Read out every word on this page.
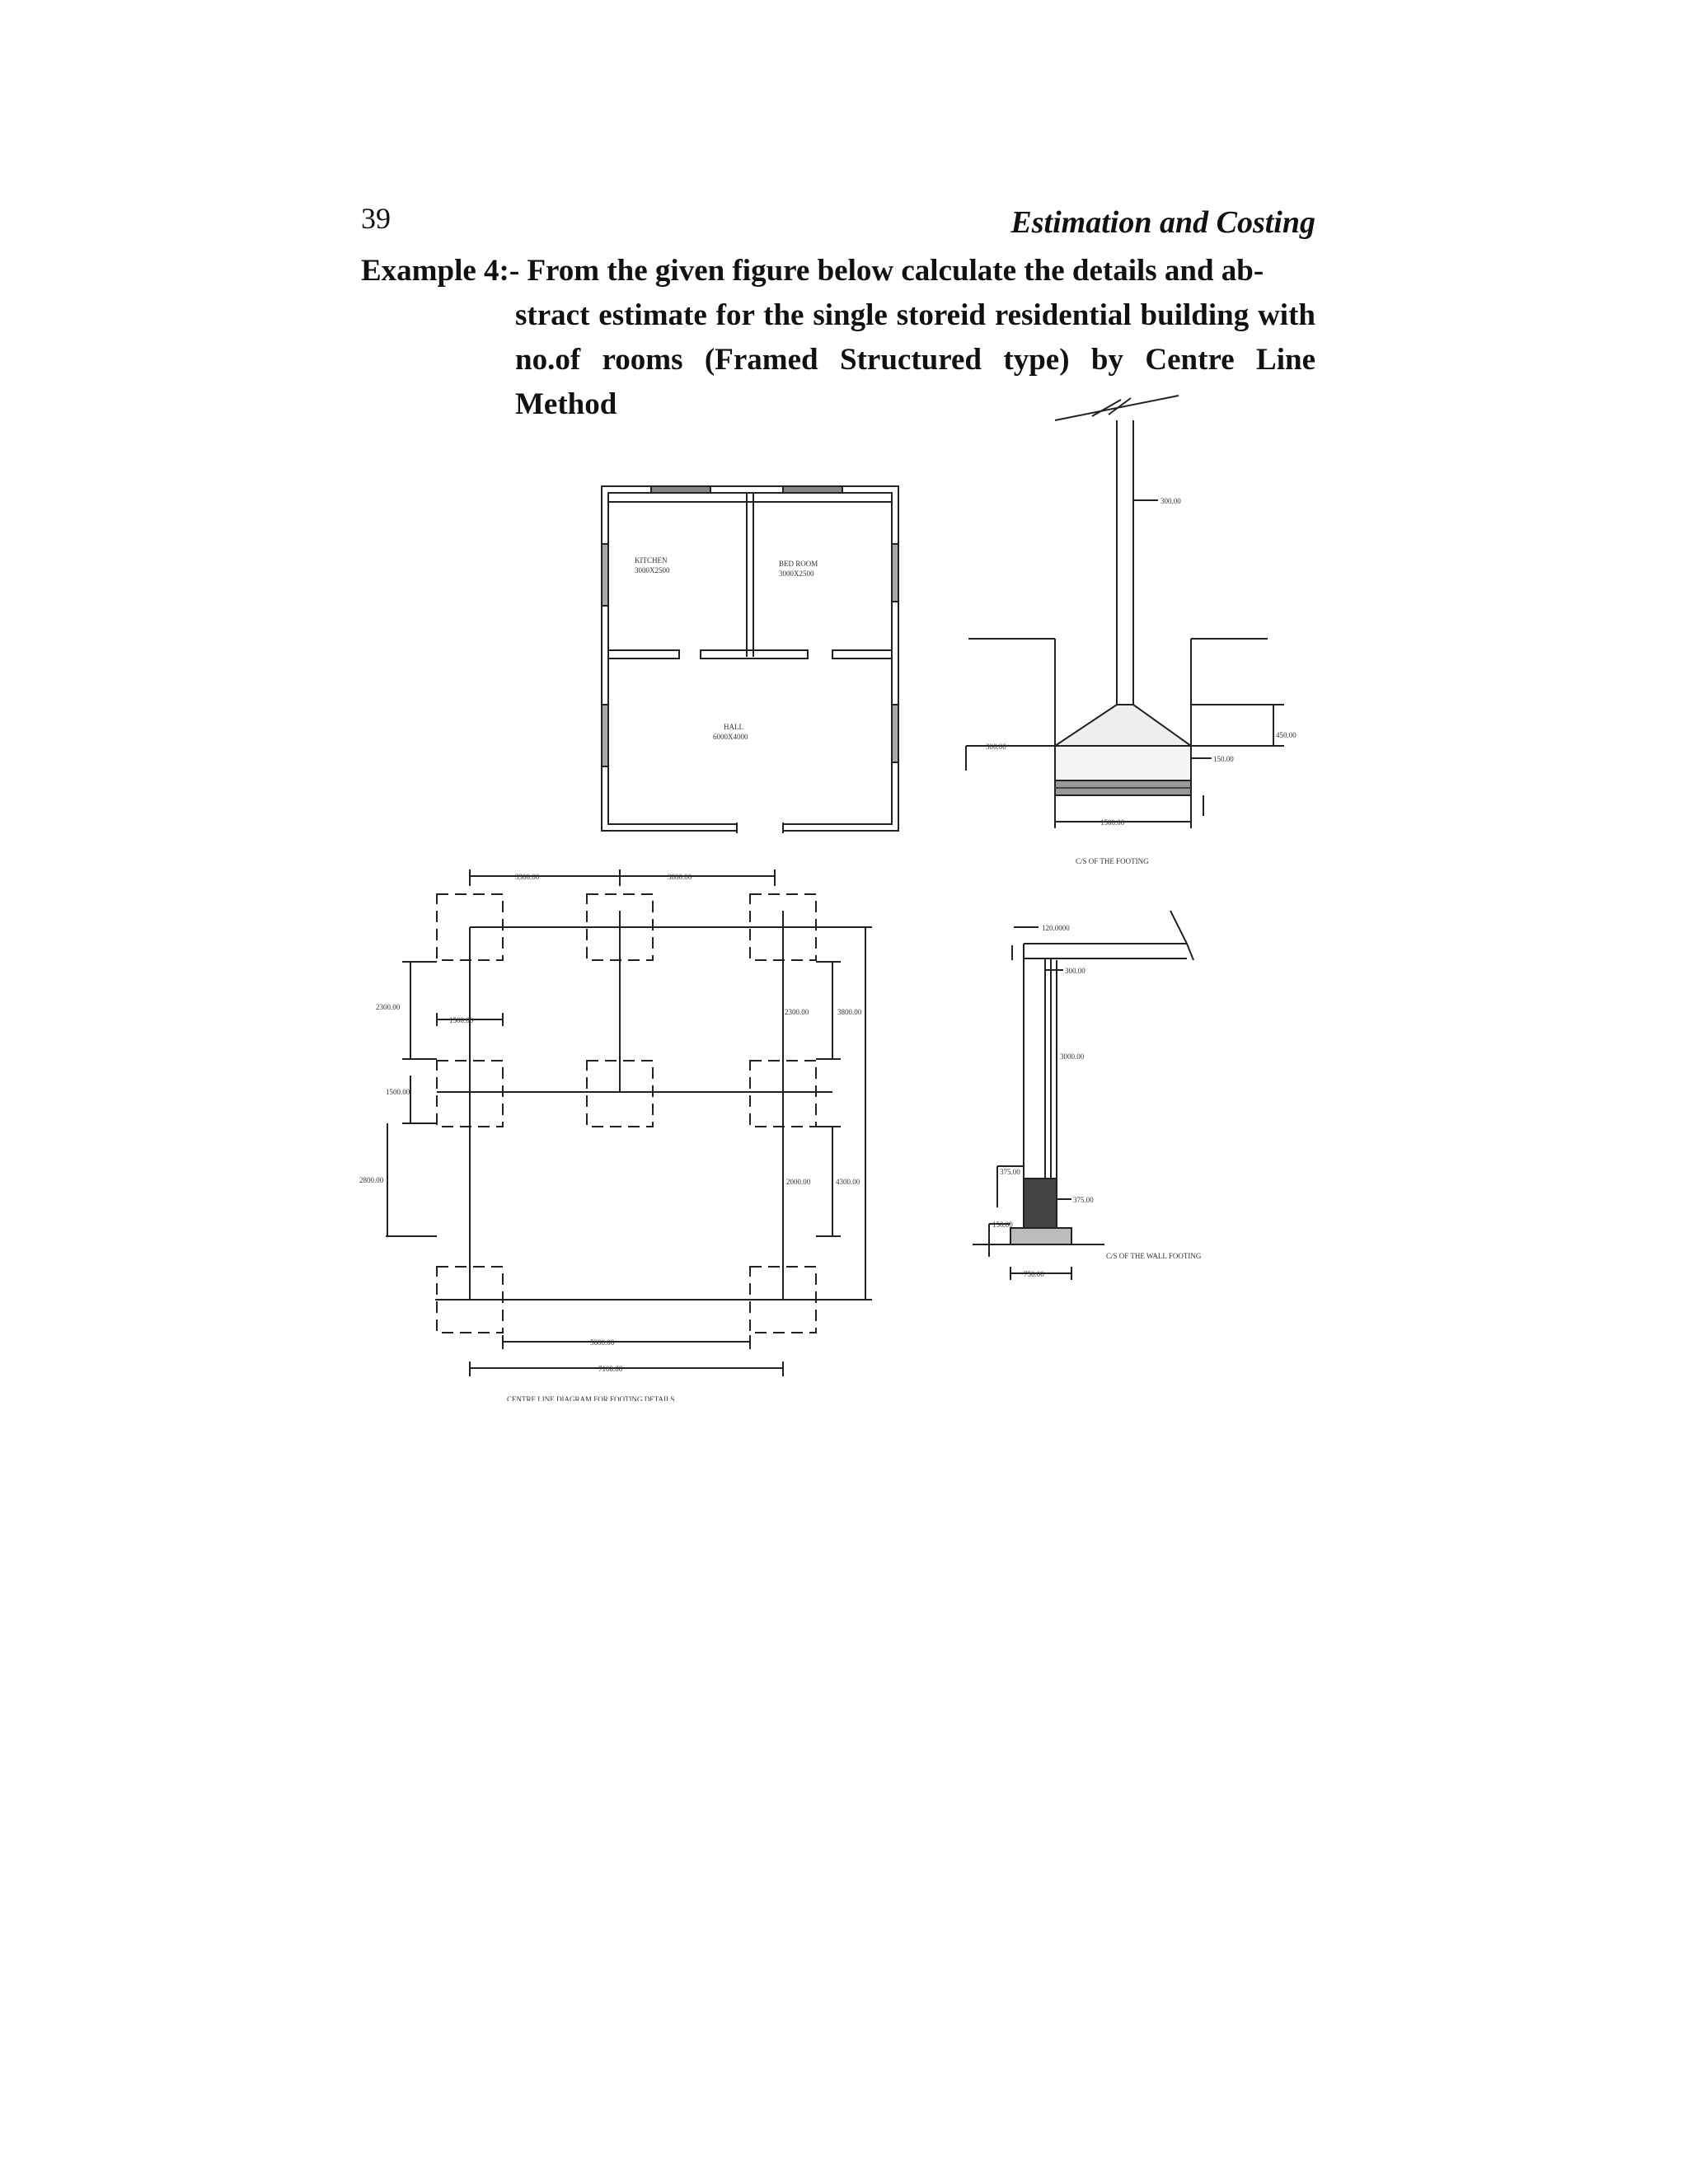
39	Estimation and Costing
Example 4:- From the given figure below calculate the details and ab-
stract estimate for the single storeid residential building with no.of rooms (Framed Structured type) by Centre Line Method
KITCHEN
3000X2500
BED ROOM
3000X2500
HALL
6000X4000
300.00
300.00
450.00
150.00
1500.00
C/S OF THE FOOTING
3300.00	3800.00
2300.00
1500.00
1500.00
2800.00
2300.00	3800.00
2000.00	4300.00
5600.00
7100.00
CENTRE LINE DIAGRAM FOR FOOTING DETAILS
120.0000
300.00
3000.00
375.00
375.00
150.00
750.00
C/S OF THE WALL FOOTING
